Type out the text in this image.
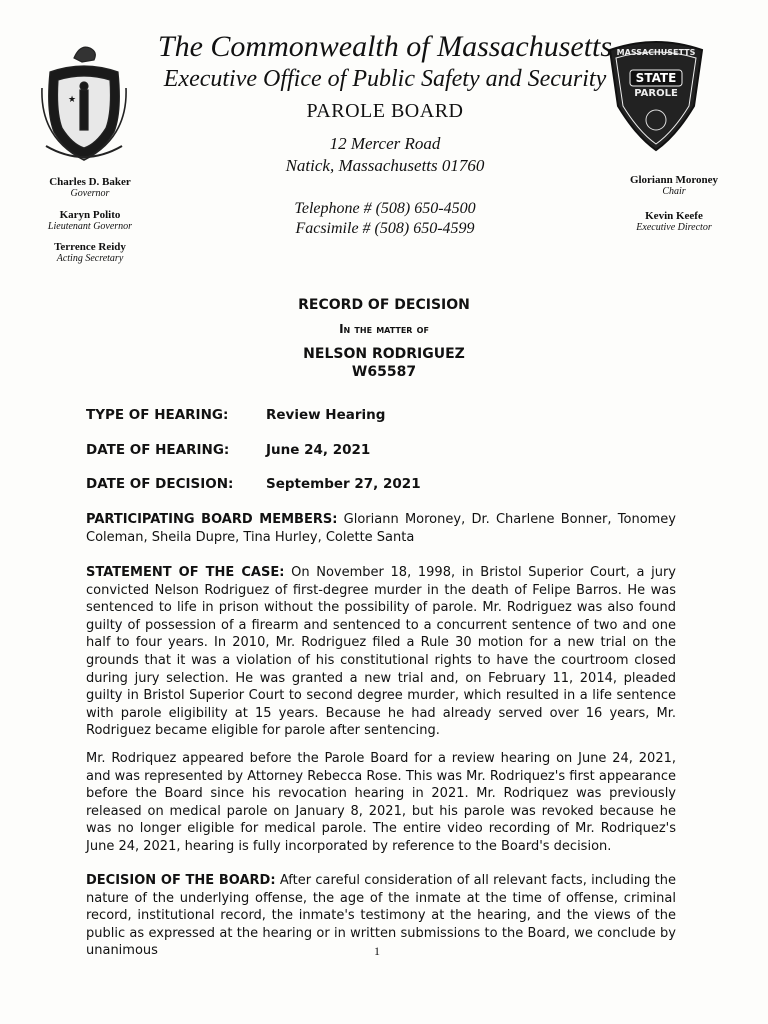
★
MASSACHUSETTS
STATE
PAROLE
The Commonwealth of Massachusetts
Executive Office of Public Safety and Security
PAROLE BOARD
12 Mercer Road
Natick, Massachusetts 01760
Telephone # (508) 650-4500
Facsimile # (508) 650-4599
Charles D. Baker
Governor
Karyn Polito
Lieutenant Governor
Terrence Reidy
Acting Secretary
Gloriann Moroney
Chair
Kevin Keefe
Executive Director
RECORD OF DECISION
In the matter of
NELSON RODRIGUEZ
W65587
TYPE OF HEARING:	Review Hearing
DATE OF HEARING:	June 24, 2021
DATE OF DECISION: September 27, 2021
PARTICIPATING BOARD MEMBERS: Gloriann Moroney, Dr. Charlene Bonner, Tonomey Coleman, Sheila Dupre, Tina Hurley, Colette Santa
STATEMENT OF THE CASE: On November 18, 1998, in Bristol Superior Court, a jury convicted Nelson Rodriguez of first-degree murder in the death of Felipe Barros. He was sentenced to life in prison without the possibility of parole. Mr. Rodriguez was also found guilty of possession of a firearm and sentenced to a concurrent sentence of two and one half to four years. In 2010, Mr. Rodriguez filed a Rule 30 motion for a new trial on the grounds that it was a violation of his constitutional rights to have the courtroom closed during jury selection. He was granted a new trial and, on February 11, 2014, pleaded guilty in Bristol Superior Court to second degree murder, which resulted in a life sentence with parole eligibility at 15 years. Because he had already served over 16 years, Mr. Rodriguez became eligible for parole after sentencing.
Mr. Rodriquez appeared before the Parole Board for a review hearing on June 24, 2021, and was represented by Attorney Rebecca Rose. This was Mr. Rodriquez's first appearance before the Board since his revocation hearing in 2021. Mr. Rodriquez was previously released on medical parole on January 8, 2021, but his parole was revoked because he was no longer eligible for medical parole. The entire video recording of Mr. Rodriquez's June 24, 2021, hearing is fully incorporated by reference to the Board's decision.
DECISION OF THE BOARD: After careful consideration of all relevant facts, including the nature of the underlying offense, the age of the inmate at the time of offense, criminal record, institutional record, the inmate's testimony at the hearing, and the views of the public as expressed at the hearing or in written submissions to the Board, we conclude by unanimous	1
